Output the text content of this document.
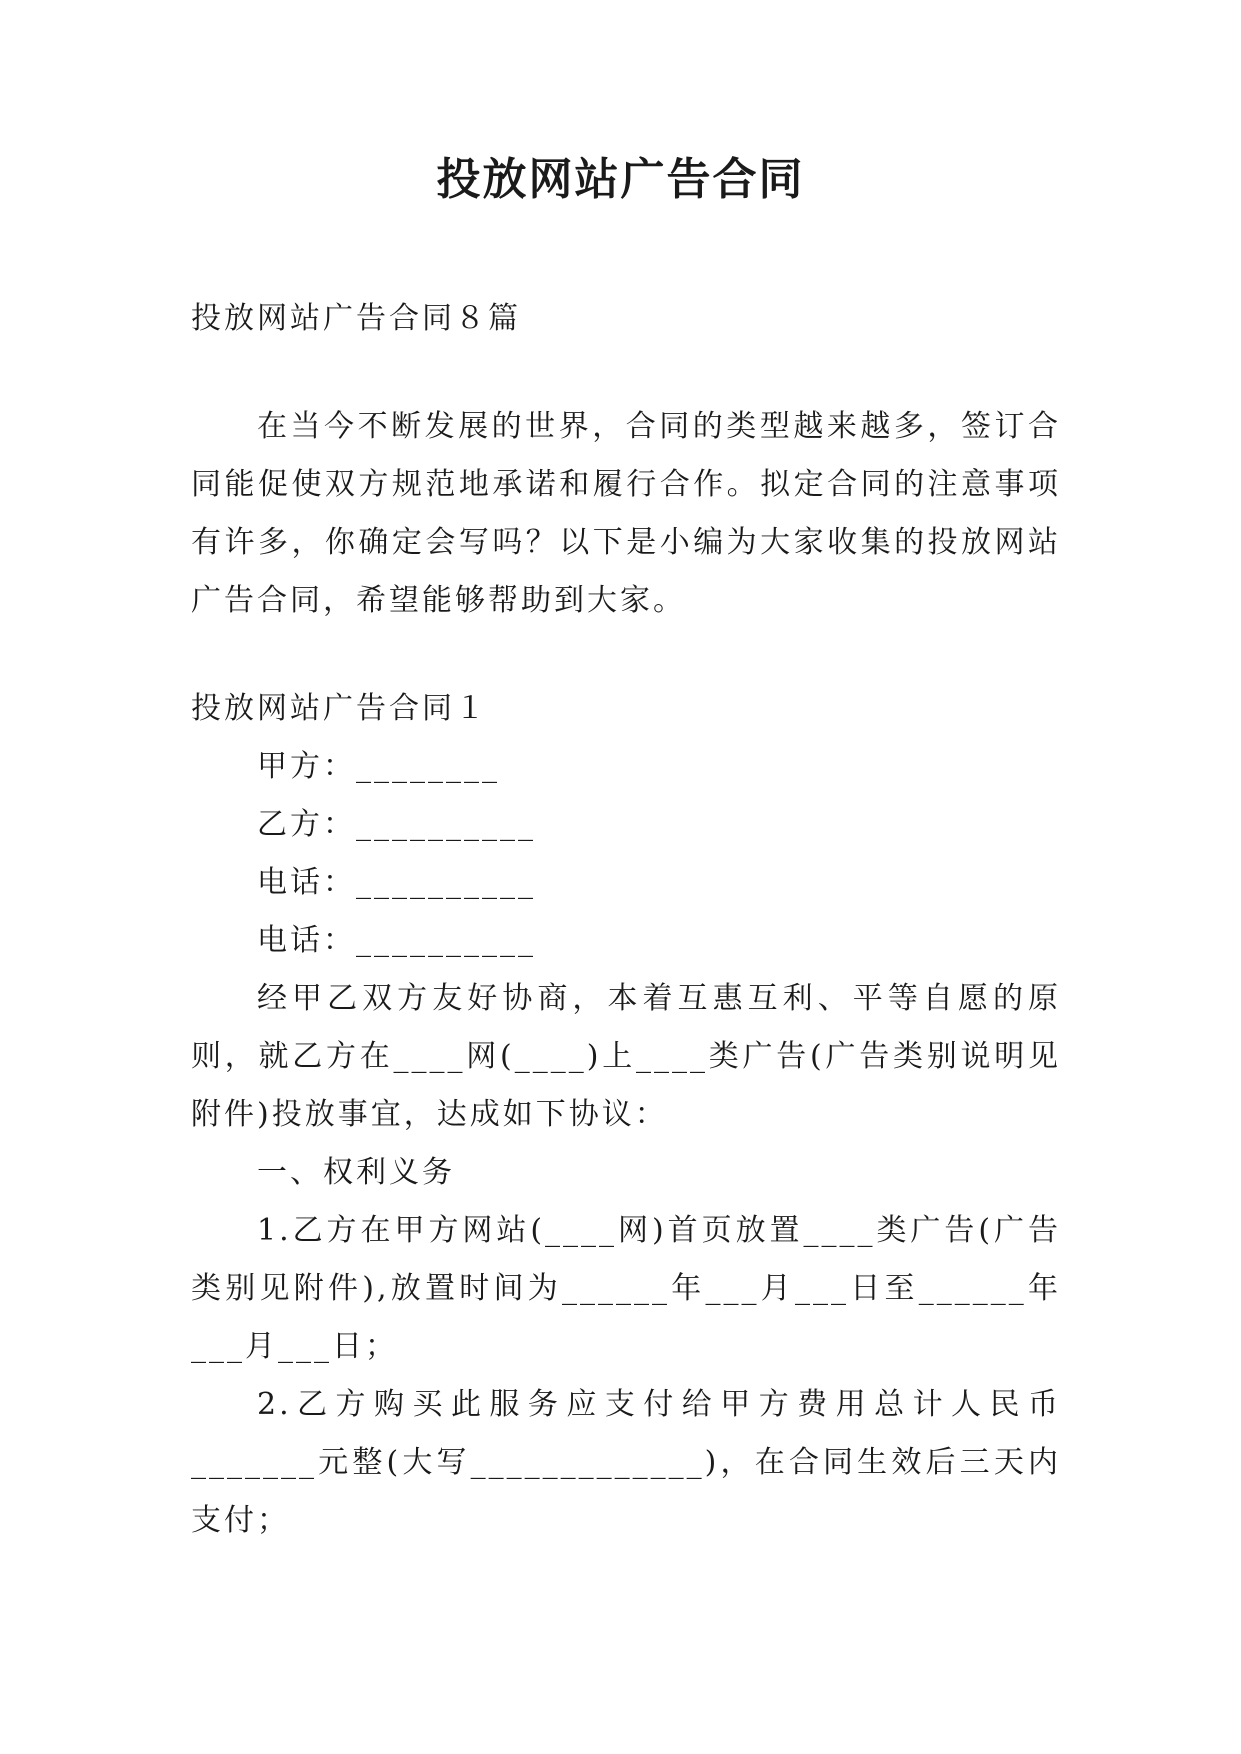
投放网站广告合同

投放网站广告合同８篇

在当今不断发展的世界，合同的类型越来越多，签订合同能促使双方规范地承诺和履行合作。拟定合同的注意事项有许多，你确定会写吗？以下是小编为大家收集的投放网站广告合同，希望能够帮助到大家。

投放网站广告合同１

甲方：________

乙方：__________

电话：__________

电话：__________

经甲乙双方友好协商，本着互惠互利、平等自愿的原则，就乙方在____网(____)上____类广告(广告类别说明见附件)投放事宜，达成如下协议：

一、权利义务

1.乙方在甲方网站(____网)首页放置____类广告(广告类别见附件),放置时间为______年___月___日至______年___月___日；

2.乙方购买此服务应支付给甲方费用总计人民币_______元整(大写_____________)，在合同生效后三天内支付；
